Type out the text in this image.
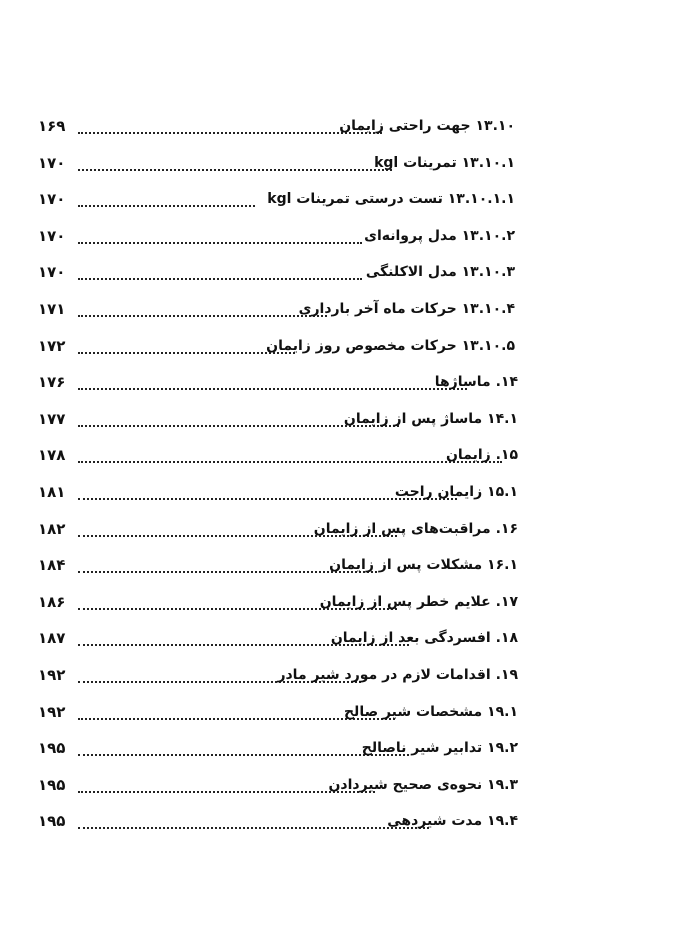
۱۶۹	۱۳.۱۰ جهت راحتی زایمان
۱۷۰	۱۳.۱۰.۱ تمرینات kgl
۱۷۰	۱۳.۱۰.۱.۱ تست درستی تمرینات kgl
۱۷۰	۱۳.۱۰.۲ مدل پروانه‌ای
۱۷۰	۱۳.۱۰.۳ مدل الاکلنگی
۱۷۱	۱۳.۱۰.۴ حرکات ماه آخر بارداری
۱۷۲	۱۳.۱۰.۵ حرکات مخصوص روز زایمان
۱۷۶	۱۴. ماساژها
۱۷۷	۱۴.۱ ماساژ پس از زایمان
۱۷۸	۱۵. زایمان
۱۸۱	۱۵.۱ زایمان راحت
۱۸۲	۱۶. مراقبت‌های پس از زایمان
۱۸۴	۱۶.۱ مشکلات پس از زایمان
۱۸۶	۱۷. علایم خطر پس از زایمان
۱۸۷	۱۸. افسردگی بعد از زایمان
۱۹۲	۱۹. اقدامات لازم در مورد شیر مادر
۱۹۲	۱۹.۱ مشخصات شیر صالح
۱۹۵	۱۹.۲ تدابیر شیر ناصالح
۱۹۵	۱۹.۳ نحوه‌ی صحیح شیردادن
۱۹۵	۱۹.۴ مدت شیردهی
